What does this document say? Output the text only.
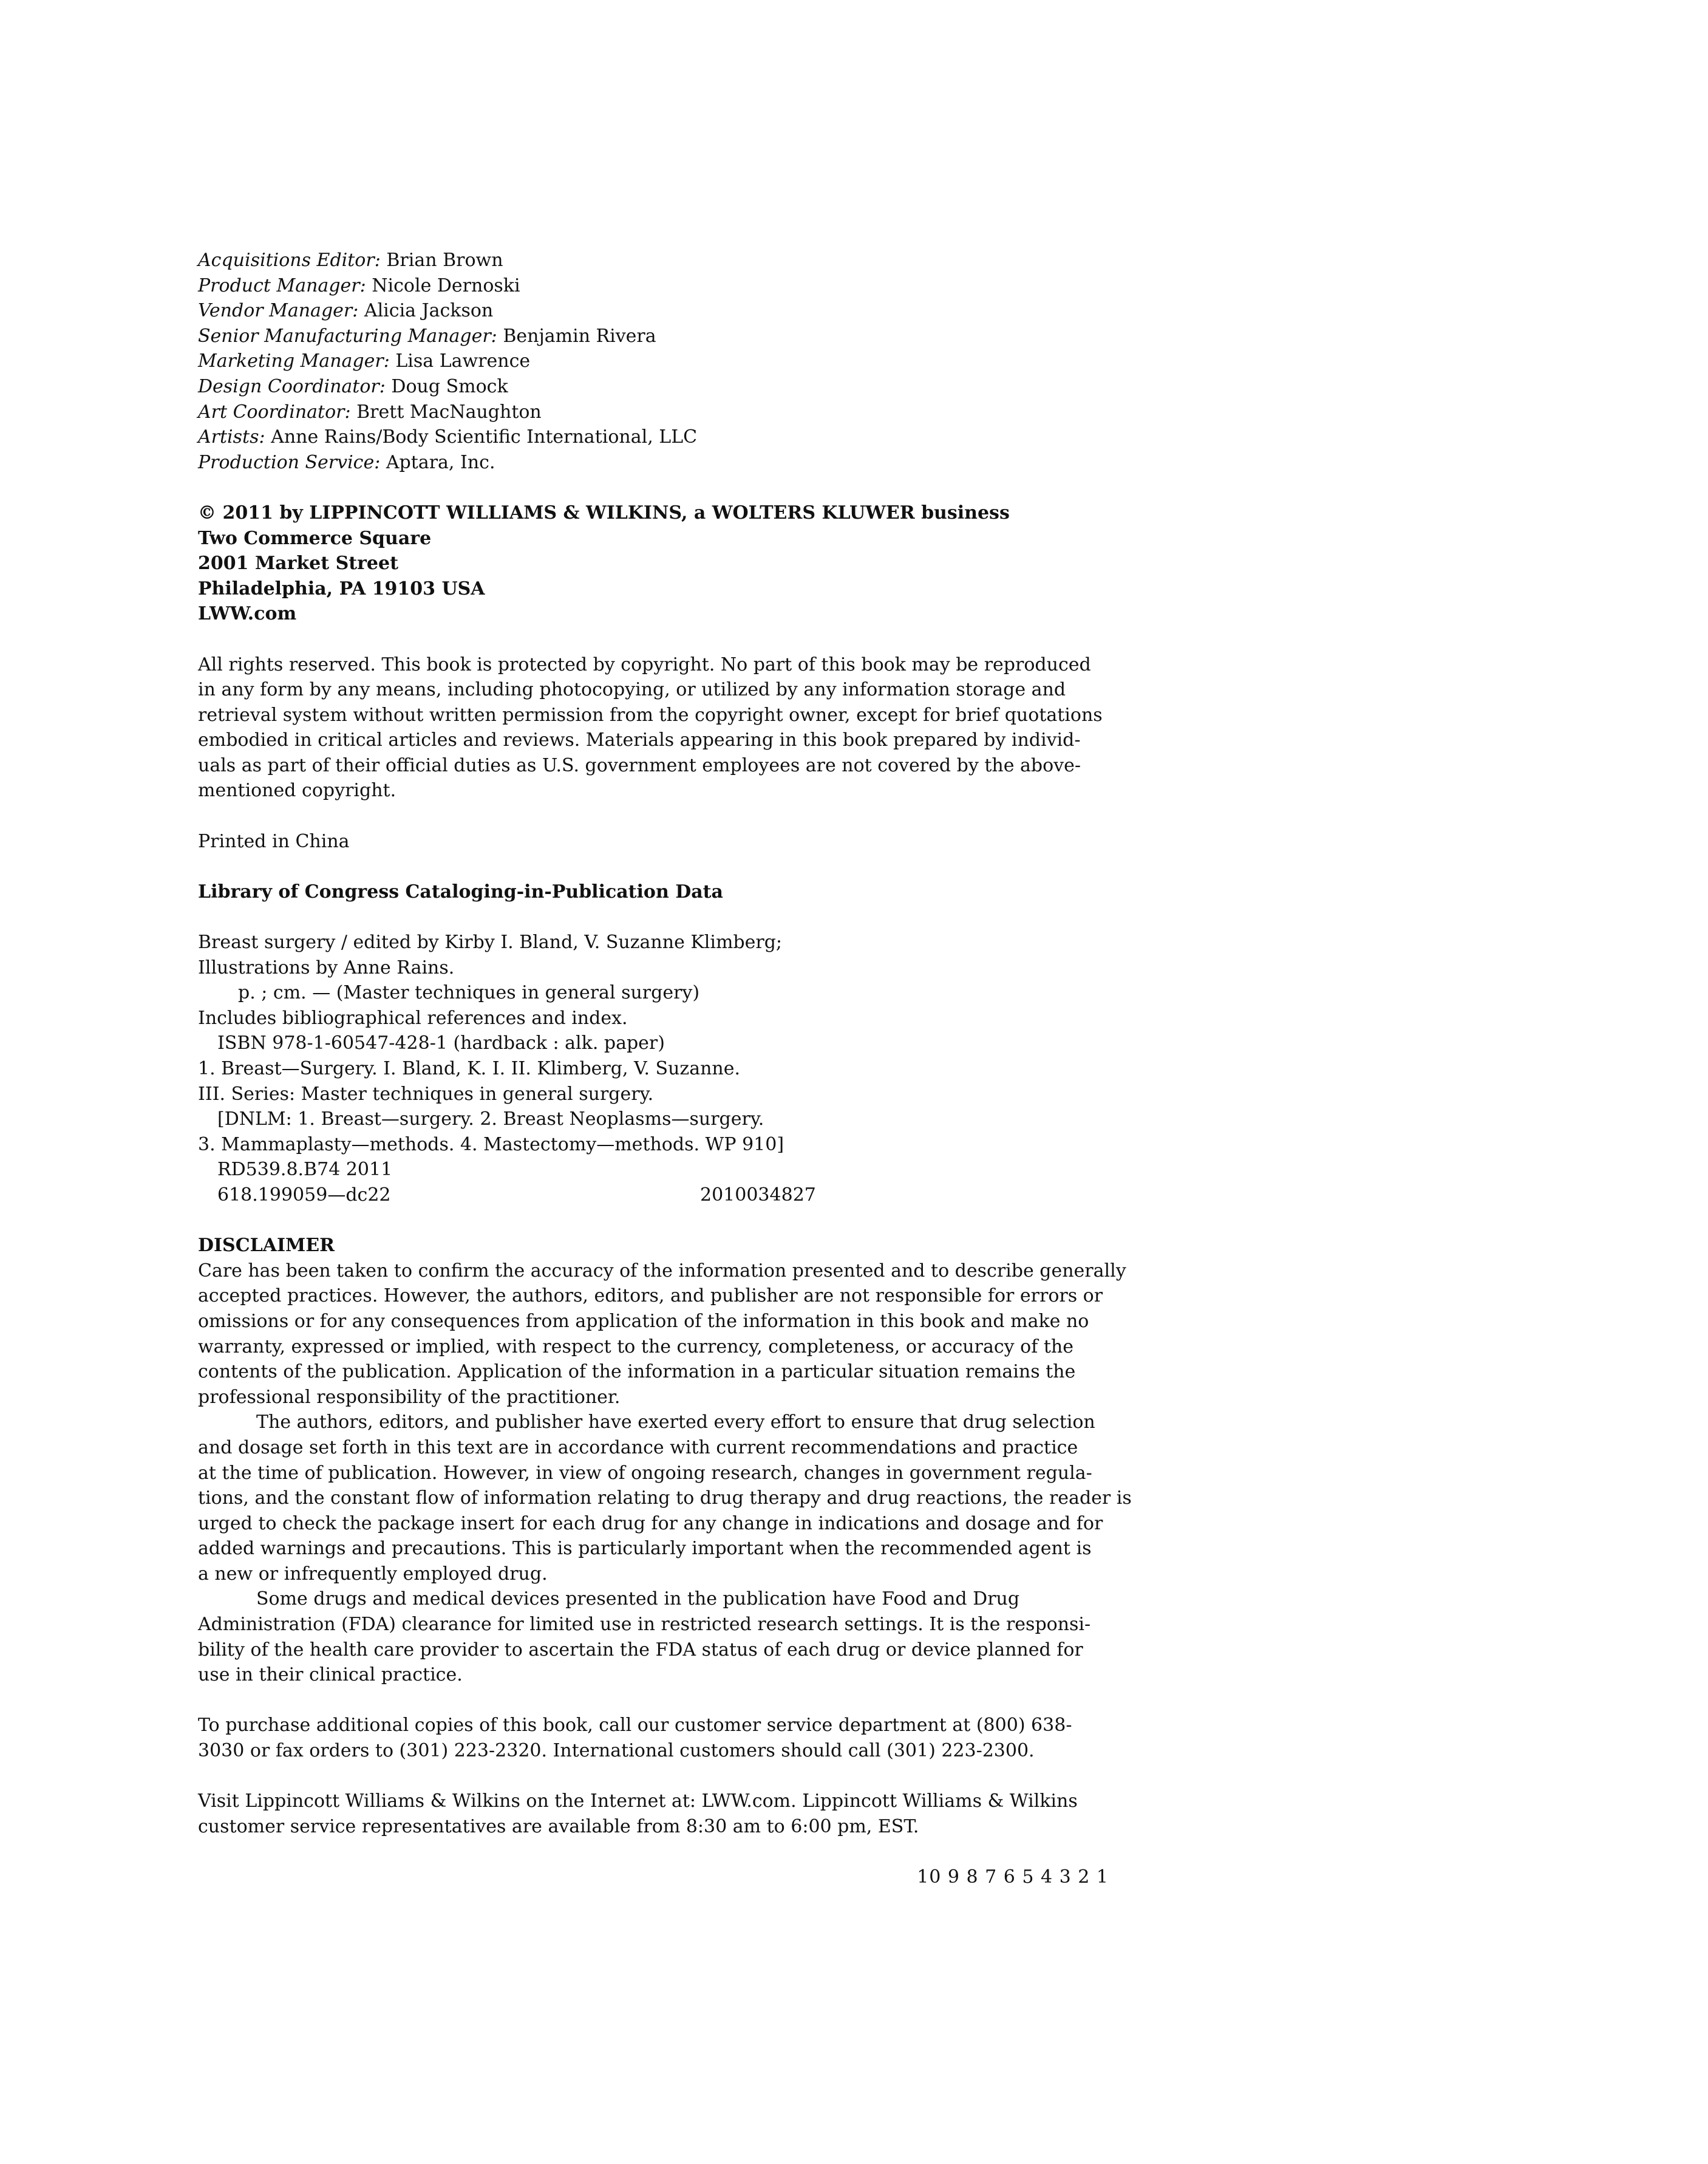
Acquisitions Editor: Brian Brown
Product Manager: Nicole Dernoski
Vendor Manager: Alicia Jackson
Senior Manufacturing Manager: Benjamin Rivera
Marketing Manager: Lisa Lawrence
Design Coordinator: Doug Smock
Art Coordinator: Brett MacNaughton
Artists: Anne Rains/Body Scientific International, LLC
Production Service: Aptara, Inc.
© 2011 by LIPPINCOTT WILLIAMS & WILKINS, a WOLTERS KLUWER business
Two Commerce Square
2001 Market Street
Philadelphia, PA 19103 USA
LWW.com
All rights reserved. This book is protected by copyright. No part of this book may be reproduced
in any form by any means, including photocopying, or utilized by any information storage and
retrieval system without written permission from the copyright owner, except for brief quotations
embodied in critical articles and reviews. Materials appearing in this book prepared by individ-
uals as part of their official duties as U.S. government employees are not covered by the above-
mentioned copyright.
Printed in China
Library of Congress Cataloging-in-Publication Data
Breast surgery / edited by Kirby I. Bland, V. Suzanne Klimberg;
Illustrations by Anne Rains.
p. ; cm. — (Master techniques in general surgery)
Includes bibliographical references and index.
ISBN 978-1-60547-428-1 (hardback : alk. paper)
1. Breast—Surgery. I. Bland, K. I. II. Klimberg, V. Suzanne.
III. Series: Master techniques in general surgery.
[DNLM: 1. Breast—surgery. 2. Breast Neoplasms—surgery.
3. Mammaplasty—methods. 4. Mastectomy—methods. WP 910]
RD539.8.B74 2011
618.199059—dc22	2010034827
DISCLAIMER
Care has been taken to confirm the accuracy of the information presented and to describe generally
accepted practices. However, the authors, editors, and publisher are not responsible for errors or
omissions or for any consequences from application of the information in this book and make no
warranty, expressed or implied, with respect to the currency, completeness, or accuracy of the
contents of the publication. Application of the information in a particular situation remains the
professional responsibility of the practitioner.
The authors, editors, and publisher have exerted every effort to ensure that drug selection
and dosage set forth in this text are in accordance with current recommendations and practice
at the time of publication. However, in view of ongoing research, changes in government regula-
tions, and the constant flow of information relating to drug therapy and drug reactions, the reader is
urged to check the package insert for each drug for any change in indications and dosage and for
added warnings and precautions. This is particularly important when the recommended agent is
a new or infrequently employed drug.
Some drugs and medical devices presented in the publication have Food and Drug
Administration (FDA) clearance for limited use in restricted research settings. It is the responsi-
bility of the health care provider to ascertain the FDA status of each drug or device planned for
use in their clinical practice.
To purchase additional copies of this book, call our customer service department at (800) 638-
3030 or fax orders to (301) 223-2320. International customers should call (301) 223-2300.
Visit Lippincott Williams & Wilkins on the Internet at: LWW.com. Lippincott Williams & Wilkins
customer service representatives are available from 8:30 am to 6:00 pm, EST.
10 9 8 7 6 5 4 3 2 1
